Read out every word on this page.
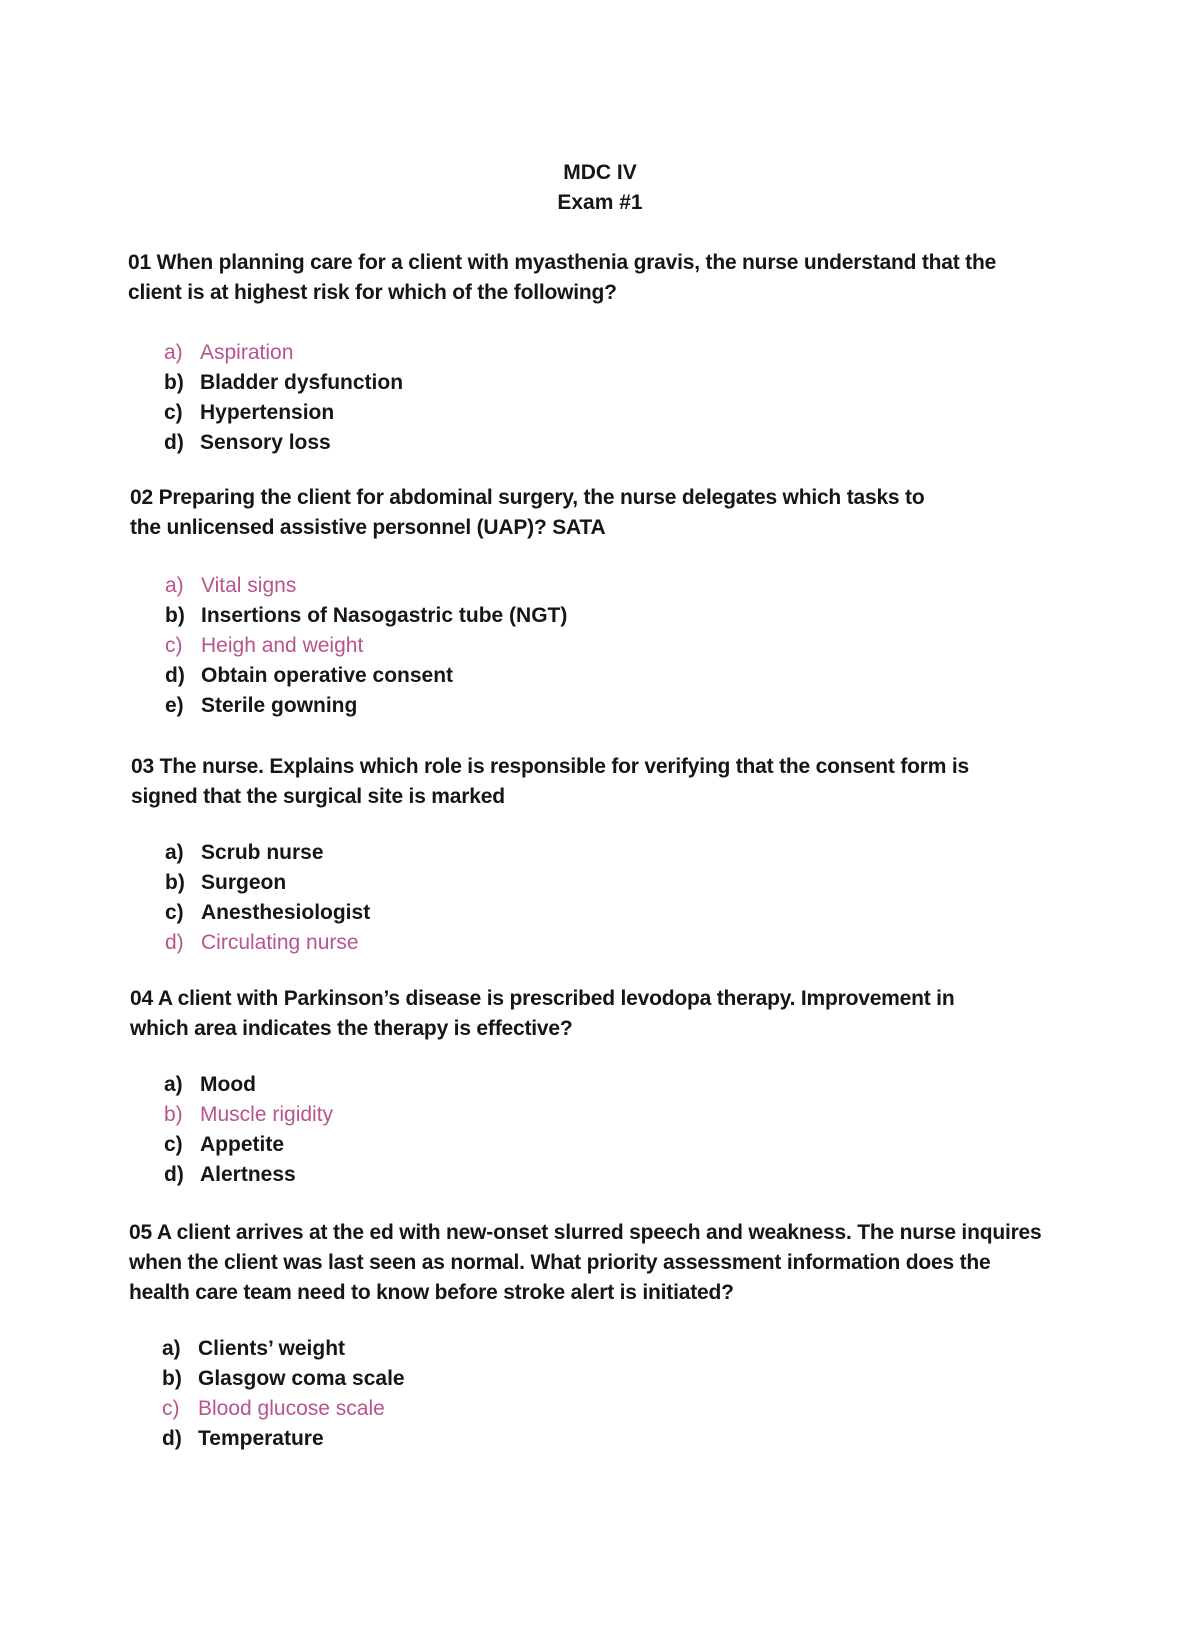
MDC IV
Exam #1
01 When planning care for a client with myasthenia gravis, the nurse understand that the client is at highest risk for which of the following?
a) Aspiration
b) Bladder dysfunction
c) Hypertension
d) Sensory loss
02 Preparing the client for abdominal surgery, the nurse delegates which tasks to the unlicensed assistive personnel (UAP)? SATA
a) Vital signs
b) Insertions of Nasogastric tube (NGT)
c) Heigh and weight
d) Obtain operative consent
e) Sterile gowning
03 The nurse. Explains which role is responsible for verifying that the consent form is signed that the surgical site is marked
a) Scrub nurse
b) Surgeon
c) Anesthesiologist
d) Circulating nurse
04 A client with Parkinson’s disease is prescribed levodopa therapy. Improvement in which area indicates the therapy is effective?
a) Mood
b) Muscle rigidity
c) Appetite
d) Alertness
05 A client arrives at the ed with new-onset slurred speech and weakness. The nurse inquires when the client was last seen as normal. What priority assessment information does the health care team need to know before stroke alert is initiated?
a) Clients’ weight
b) Glasgow coma scale
c) Blood glucose scale
d) Temperature
